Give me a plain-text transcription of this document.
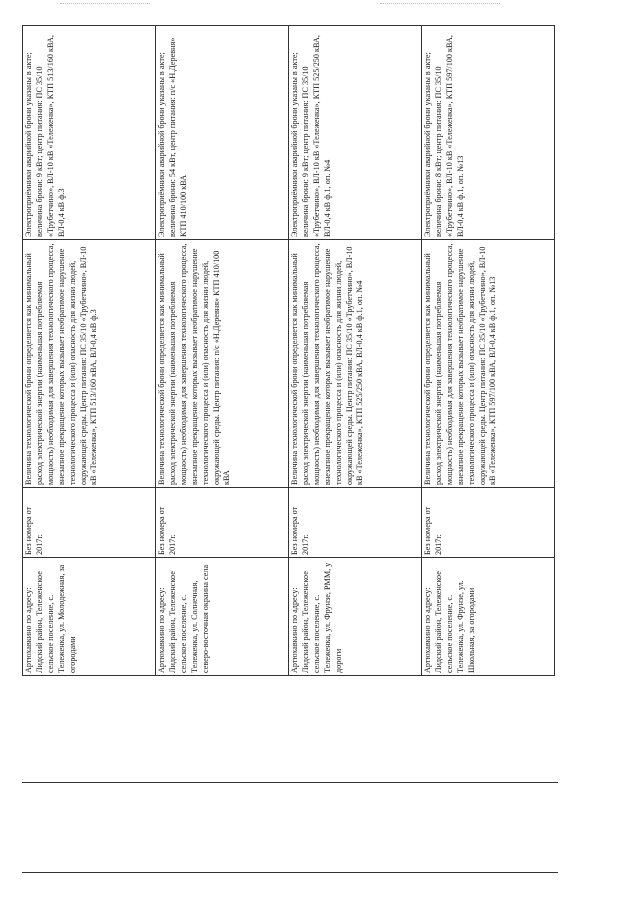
Артюхавкино по адресу: Лидский район, Тележенское сельское поселение, с. Тележенка, ул. Молодежная, за огородами	Без номера от 2017г.	Величина технологической брони определяется как минимальный расход электрической энергии (наименьшая потребляемая мощность) необходимая для завершения технологического процесса, внезапное прекращение которых вызывает необратимое нарушение технологического процесса и (или) опасность для жизни людей, окружающей среды. Центр питания: ПС 35/10 «Трубетчино», ВЛ-10 кВ «Тележенка», КТП 513/160 кВА, ВЛ-0,4 кВ ф.3	Электроприёмники аварийной брони указаны в акте; величина брони: 9 кВт; центр питания: ПС 35/10 «Трубетчино», ВЛ-10 кВ «Тележенка», КТП 513/160 кВА, ВЛ-0,4 кВ ф.3
Артюхавкино по адресу: Лидский район, Тележенское сельское поселение, с. Тележенка, ул. Солнечная, северо-восточная окраина села	Без номера от 2017г.	Величина технологической брони определяется как минимальный расход электрической энергии (наименьшая потребляемая мощность) необходимая для завершения технологического процесса, внезапное прекращение которых вызывает необратимое нарушение технологического процесса и (или) опасность для жизни людей, окружающей среды. Центр питания: п/с «Н.Деревня» КТП 410/100 кВА	Электроприёмники аварийной брони указаны в акте; величина брони: 54 кВт, центр питания: п/с «Н.Деревня» КТП 410/100 кВА
Артюхавкино по адресу: Лидский район, Тележенское сельское поселение, с. Тележенка, ул. Фрунзе, РММ, у дороги	Без номера от 2017г.	Величина технологической брони определяется как минимальный расход электрической энергии (наименьшая потребляемая мощность) необходимая для завершения технологического процесса, внезапное прекращение которых вызывает необратимое нарушение технологического процесса и (или) опасность для жизни людей, окружающей среды. Центр питания: ПС 35/10 «Трубетчино», ВЛ-10 кВ «Тележенка», КТП 525/250 кВА, ВЛ-0,4 кВ ф.1, оп. №4	Электроприёмники аварийной брони указаны в акте; величина брони: 9 кВт; центр питания: ПС 35/10 «Трубетчино», ВЛ-10 кВ «Тележенка», КТП 525/250 кВА, ВЛ-0,4 кВ ф.1, оп. №4
Артюхавкино по адресу: Лидский район, Тележенское сельское поселение, с. Тележенка, ул. Фрунзе, ул. Школьная, за огородами	Без номера от 2017г.	Величина технологической брони определяется как минимальный расход электрической энергии (наименьшая потребляемая мощность) необходимая для завершения технологического процесса, внезапное прекращение которых вызывает необратимое нарушение технологического процесса и (или) опасность для жизни людей, окружающей среды. Центр питания: ПС 35/10 «Трубетчино», ВЛ-10 кВ «Тележенка», КТП 597/100 кВА, ВЛ-0,4 кВ ф.1, оп. №13	Электроприёмники аварийной брони указаны в акте; величина брони: 8 кВт; центр питания: ПС 35/10 «Трубетчино», ВЛ-10 кВ «Тележенка», КТП 597/100 кВА, ВЛ-0,4 кВ ф.1, оп. №13
